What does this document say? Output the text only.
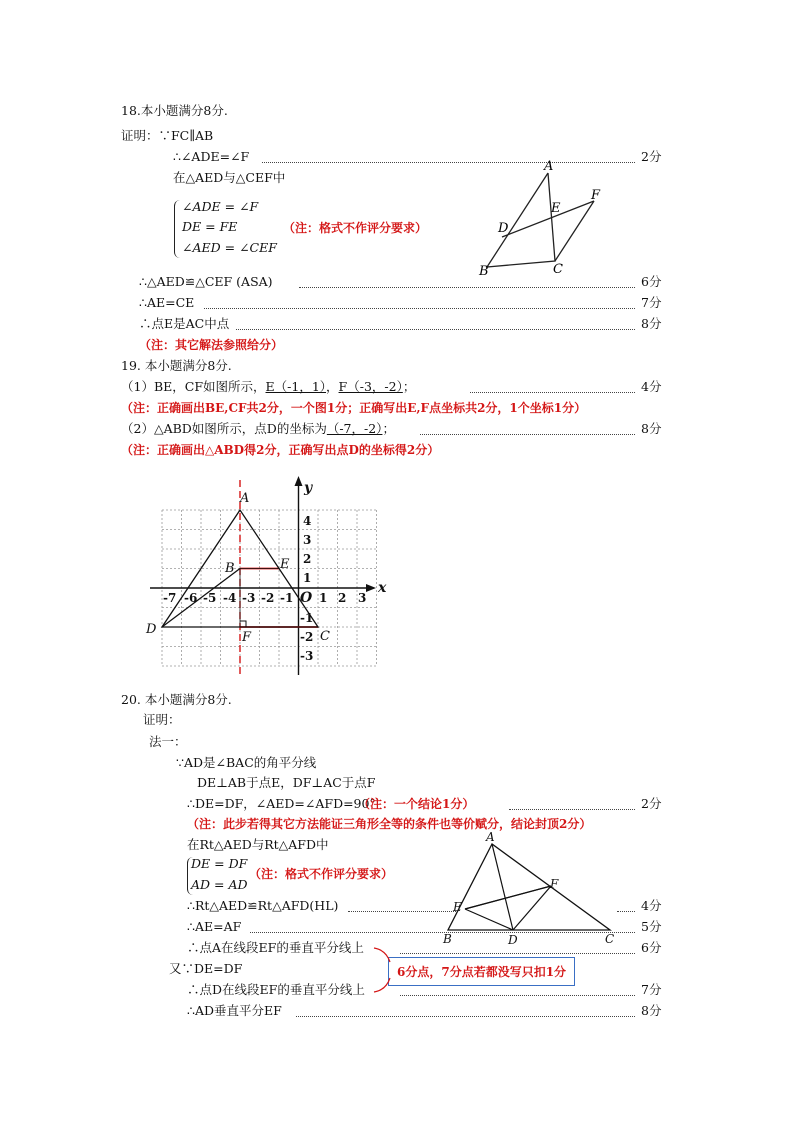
18.本小题满分8分.
证明：∵FC∥AB
∴∠ADE=∠F	2分
在△AED与△CEF中
∠ADE = ∠F
DE = FE
∠AED = ∠CEF
（注：格式不作评分要求）
A
F
E
D
B	C
∴△AED≌△CEF (ASA)	6分
∴AE=CE	7分
∴点E是AC中点	8分
（注：其它解法参照给分）
19. 本小题满分8分.
（1）BE，CF如图所示，E（-1，1），F（-3，-2）；	4分
（注：正确画出BE,CF共2分，一个图1分；正确写出E,F点坐标共2分，1个坐标1分）
（2）△ABD如图所示，点D的坐标为（-7，-2）；	8分
（注：正确画出△ABD得2分，正确写出点D的坐标得2分）
4
3
2
1
-1
-2
-3
-7 -6 -5 -4 -3 -2 -1 1 2 3
x
y
O
A
B	E
D
F	C
20. 本小题满分8分.
证明：
法一：
∵AD是∠BAC的角平分线
DE⊥AB于点E，DF⊥AC于点F
∴DE=DF，∠AED=∠AFD=90°
（注：一个结论1分）	2分
（注：此步若得其它方法能证三角形全等的条件也等价赋分，结论封顶2分）
在Rt△AED与Rt△AFD中
DE = DF
AD = AD
（注：格式不作评分要求）
A
F
E
B	D	C
∴Rt△AED≌Rt△AFD(HL)	4分
∴AE=AF	5分
∴点A在线段EF的垂直平分线上	6分
6分点，7分点若都没写只扣1分
又∵DE=DF
∴点D在线段EF的垂直平分线上	7分
∴AD垂直平分EF	8分
